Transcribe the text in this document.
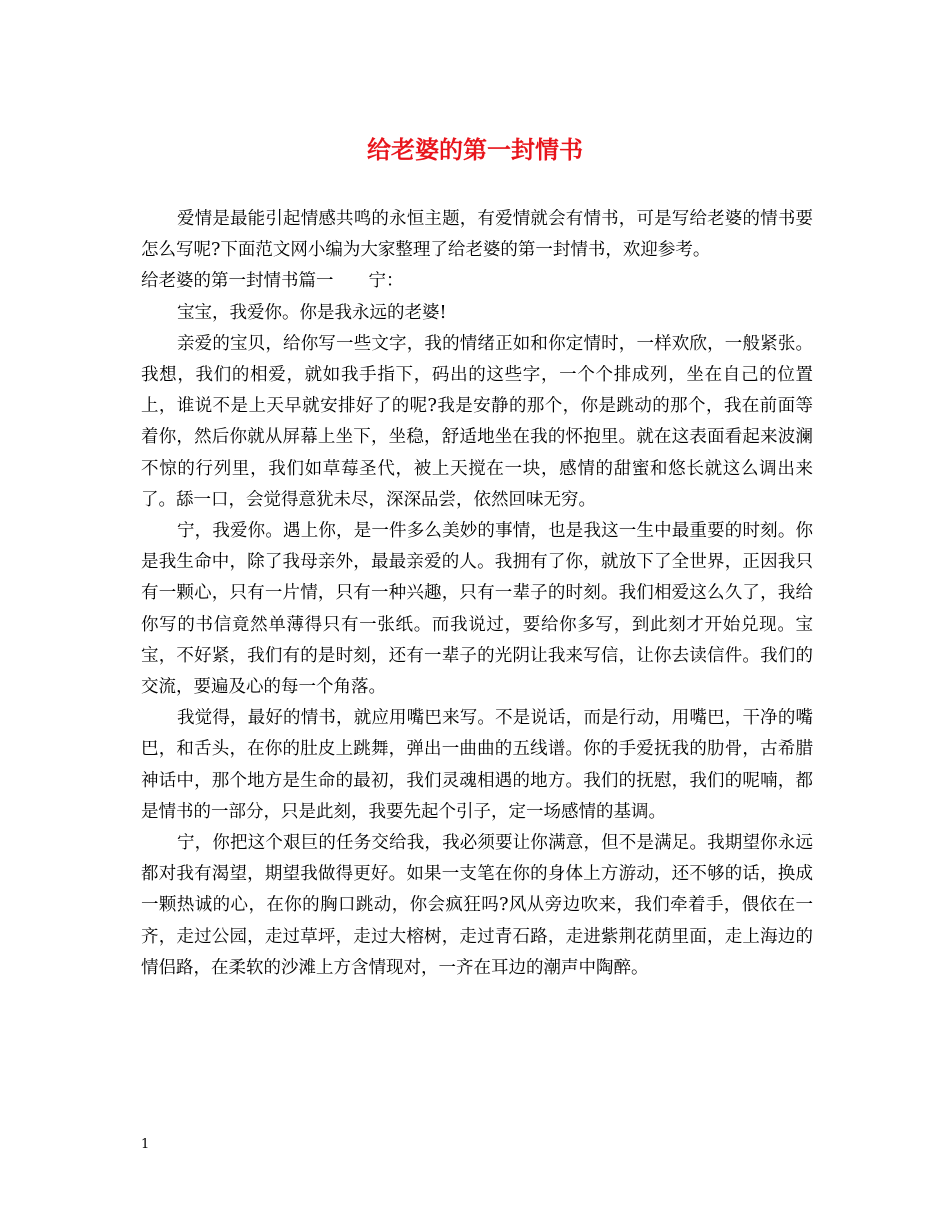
给老婆的第一封情书

爱情是最能引起情感共鸣的永恒主题，有爱情就会有情书，可是写给老婆的情书要怎么写呢?下面范文网小编为大家整理了给老婆的第一封情书，欢迎参考。

给老婆的第一封情书篇一　　宁：

宝宝，我爱你。你是我永远的老婆!

亲爱的宝贝，给你写一些文字，我的情绪正如和你定情时，一样欢欣，一般紧张。我想，我们的相爱，就如我手指下，码出的这些字，一个个排成列，坐在自己的位置上，谁说不是上天早就安排好了的呢?我是安静的那个，你是跳动的那个，我在前面等着你，然后你就从屏幕上坐下，坐稳，舒适地坐在我的怀抱里。就在这表面看起来波澜不惊的行列里，我们如草莓圣代，被上天搅在一块，感情的甜蜜和悠长就这么调出来了。舔一口，会觉得意犹未尽，深深品尝，依然回味无穷。

宁，我爱你。遇上你，是一件多么美妙的事情，也是我这一生中最重要的时刻。你是我生命中，除了我母亲外，最最亲爱的人。我拥有了你，就放下了全世界，正因我只有一颗心，只有一片情，只有一种兴趣，只有一辈子的时刻。我们相爱这么久了，我给你写的书信竟然单薄得只有一张纸。而我说过，要给你多写，到此刻才开始兑现。宝宝，不好紧，我们有的是时刻，还有一辈子的光阴让我来写信，让你去读信件。我们的交流，要遍及心的每一个角落。

我觉得，最好的情书，就应用嘴巴来写。不是说话，而是行动，用嘴巴，干净的嘴巴，和舌头，在你的肚皮上跳舞，弹出一曲曲的五线谱。你的手爱抚我的肋骨，古希腊神话中，那个地方是生命的最初，我们灵魂相遇的地方。我们的抚慰，我们的呢喃，都是情书的一部分，只是此刻，我要先起个引子，定一场感情的基调。

宁，你把这个艰巨的任务交给我，我必须要让你满意，但不是满足。我期望你永远都对我有渴望，期望我做得更好。如果一支笔在你的身体上方游动，还不够的话，换成一颗热诚的心，在你的胸口跳动，你会疯狂吗?风从旁边吹来，我们牵着手，偎依在一齐，走过公园，走过草坪，走过大榕树，走过青石路，走进紫荆花荫里面，走上海边的情侣路，在柔软的沙滩上方含情现对，一齐在耳边的潮声中陶醉。

1
